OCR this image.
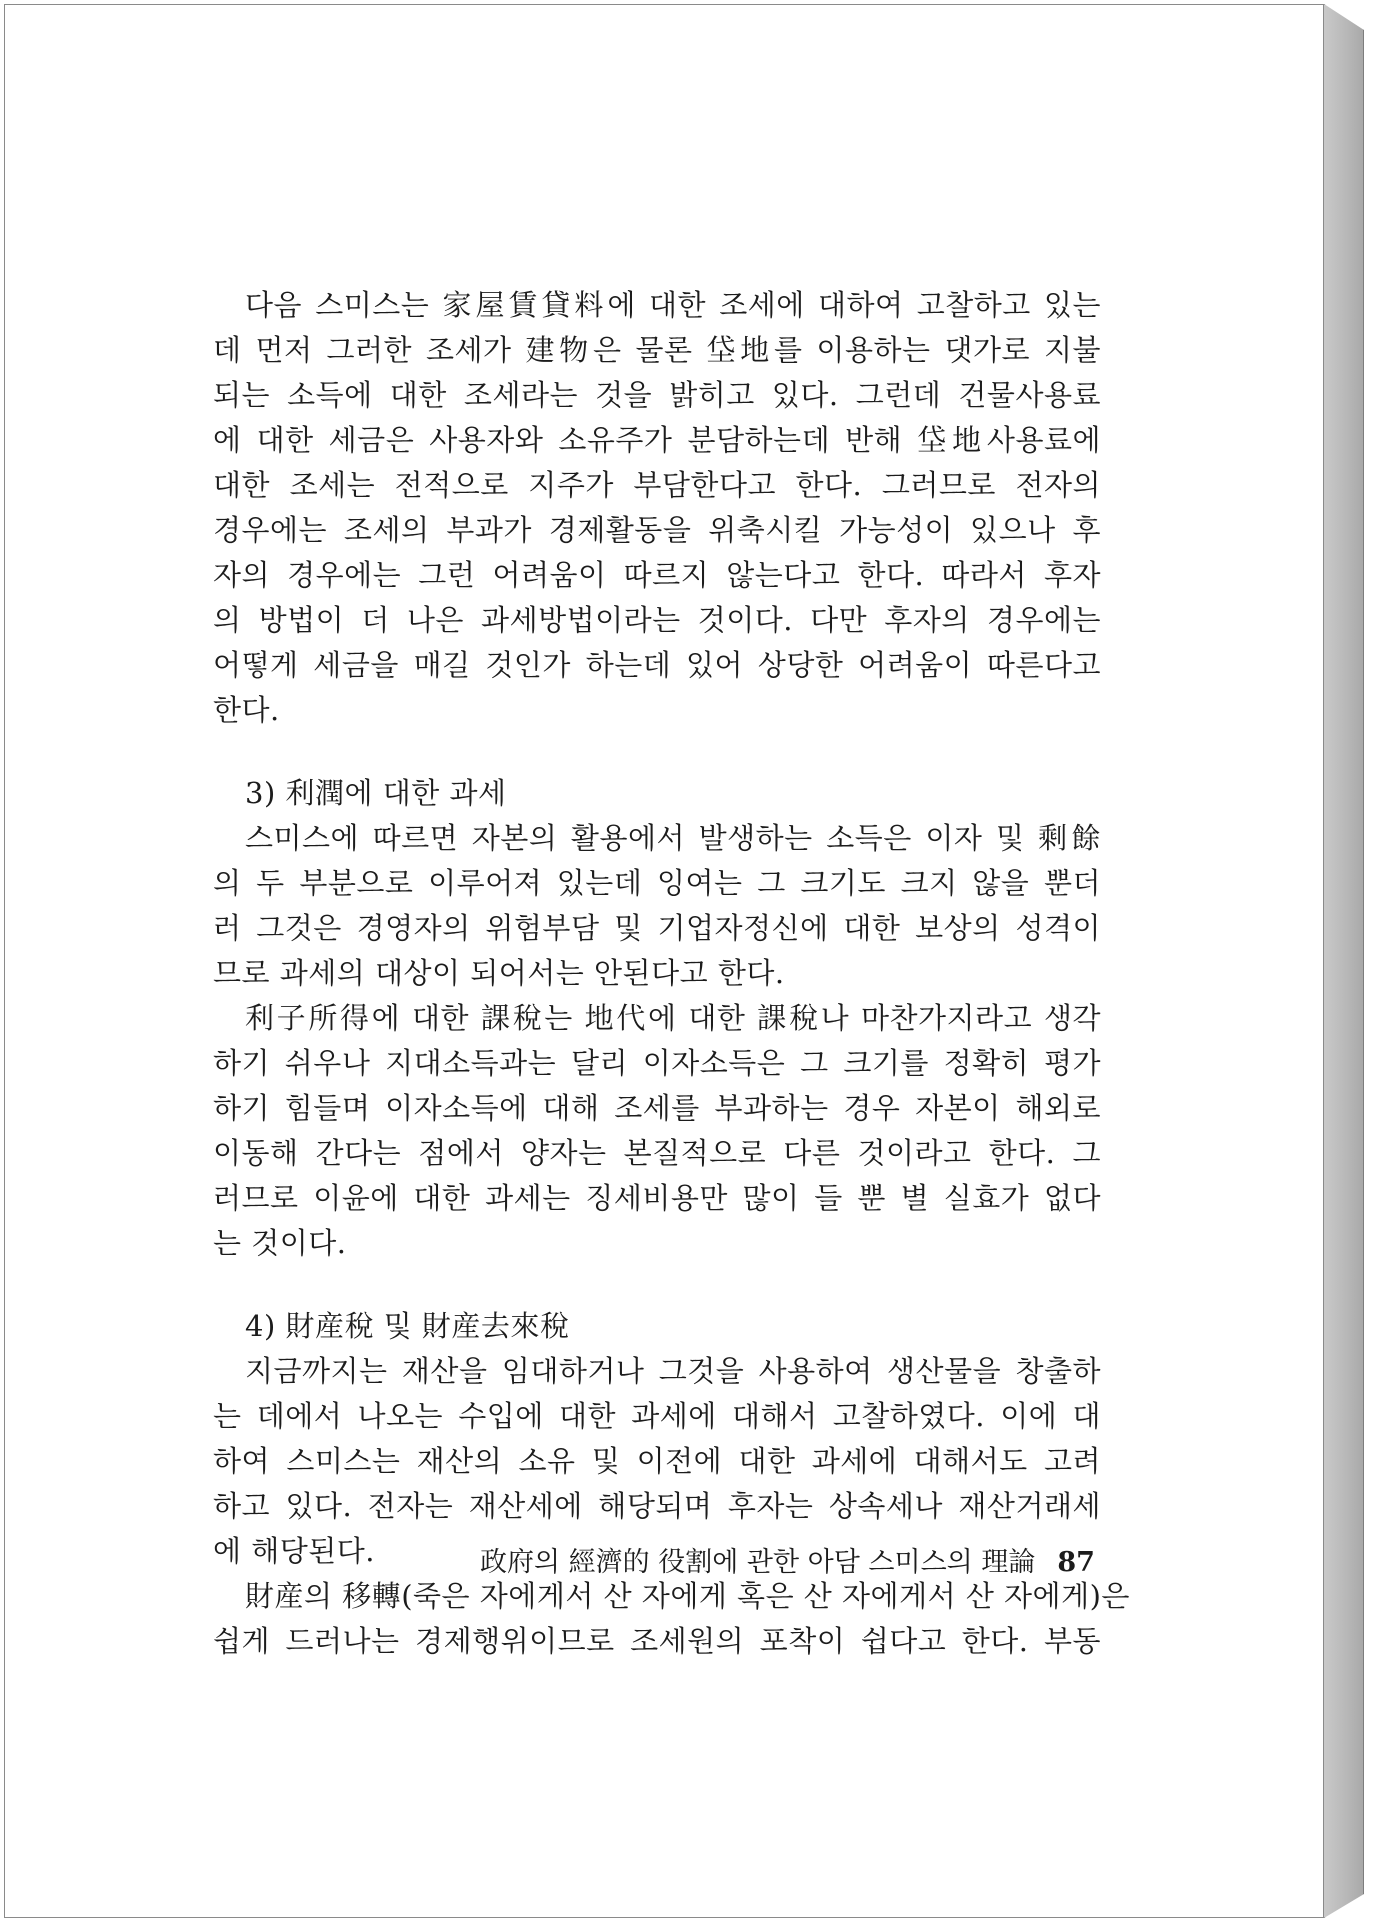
다음 스미스는 家屋賃貸料에 대한 조세에 대하여 고찰하고 있는
데 먼저 그러한 조세가 建物은 물론 垈地를 이용하는 댓가로 지불
되는 소득에 대한 조세라는 것을 밝히고 있다. 그런데 건물사용료
에 대한 세금은 사용자와 소유주가 분담하는데 반해 垈地사용료에
대한 조세는 전적으로 지주가 부담한다고 한다. 그러므로 전자의
경우에는 조세의 부과가 경제활동을 위축시킬 가능성이 있으나 후
자의 경우에는 그런 어려움이 따르지 않는다고 한다. 따라서 후자
의 방법이 더 나은 과세방법이라는 것이다. 다만 후자의 경우에는
어떻게 세금을 매길 것인가 하는데 있어 상당한 어려움이 따른다고
한다.
3) 利潤에 대한 과세
스미스에 따르면 자본의 활용에서 발생하는 소득은 이자 및 剩餘
의 두 부분으로 이루어져 있는데 잉여는 그 크기도 크지 않을 뿐더
러 그것은 경영자의 위험부담 및 기업자정신에 대한 보상의 성격이
므로 과세의 대상이 되어서는 안된다고 한다.
利子所得에 대한 課稅는 地代에 대한 課稅나 마찬가지라고 생각
하기 쉬우나 지대소득과는 달리 이자소득은 그 크기를 정확히 평가
하기 힘들며 이자소득에 대해 조세를 부과하는 경우 자본이 해외로
이동해 간다는 점에서 양자는 본질적으로 다른 것이라고 한다. 그
러므로 이윤에 대한 과세는 징세비용만 많이 들 뿐 별 실효가 없다
는 것이다.
4) 財産稅 및 財産去來稅
지금까지는 재산을 임대하거나 그것을 사용하여 생산물을 창출하
는 데에서 나오는 수입에 대한 과세에 대해서 고찰하였다. 이에 대
하여 스미스는 재산의 소유 및 이전에 대한 과세에 대해서도 고려
하고 있다. 전자는 재산세에 해당되며 후자는 상속세나 재산거래세
에 해당된다.
財産의 移轉(죽은 자에게서 산 자에게 혹은 산 자에게서 산 자에게)은
쉽게 드러나는 경제행위이므로 조세원의 포착이 쉽다고 한다. 부동
政府의 經濟的 役割에 관한 아담 스미스의 理論 87
